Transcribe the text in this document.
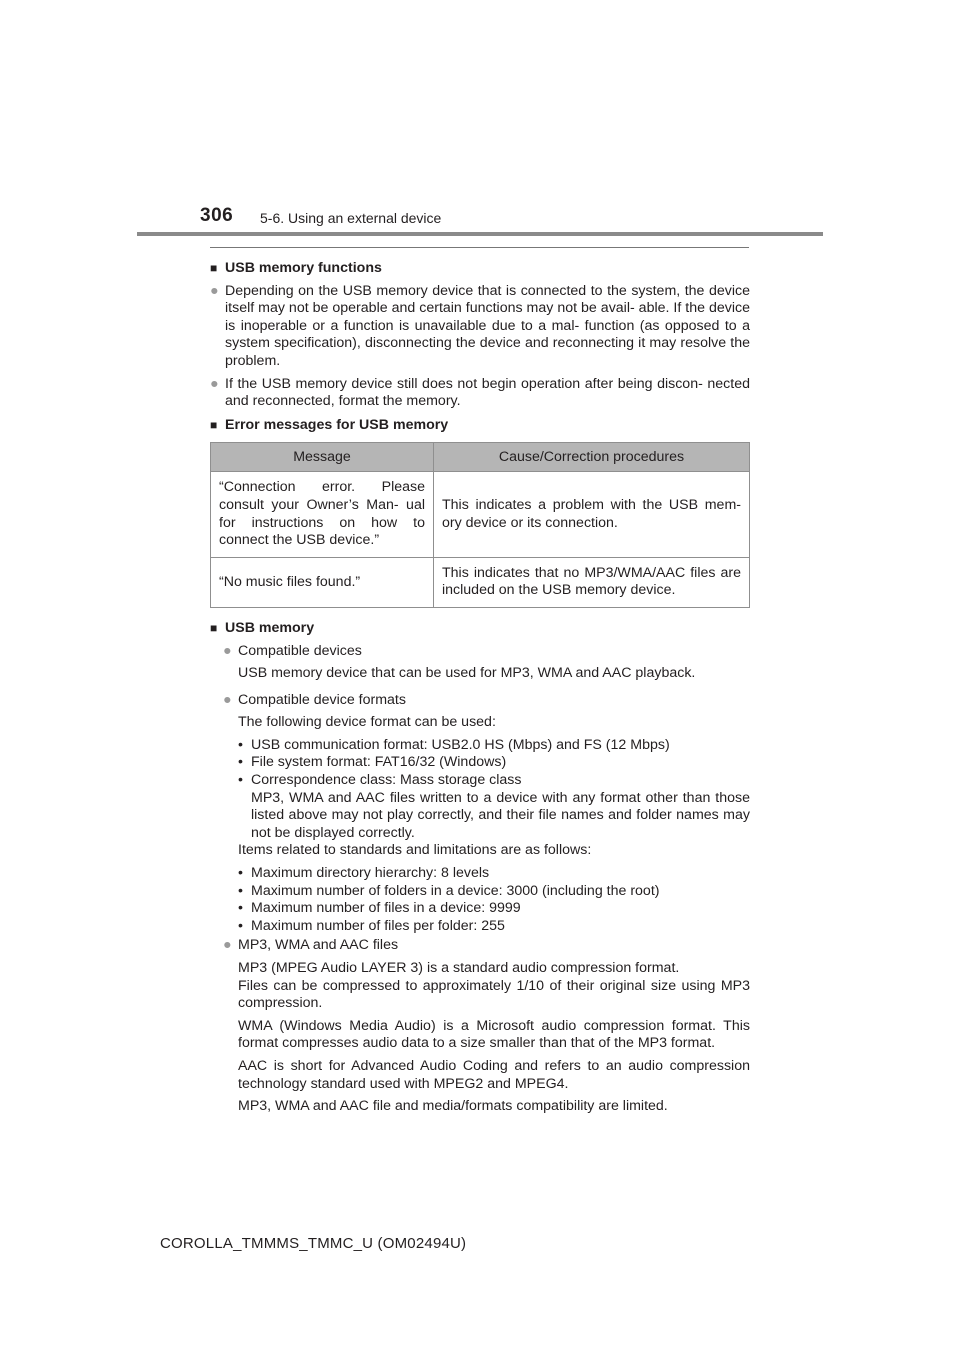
306 5-6. Using an external device
■ USB memory functions
● Depending on the USB memory device that is connected to the system, the device itself may not be operable and certain functions may not be avail- able. If the device is inoperable or a function is unavailable due to a mal- function (as opposed to a system specification), disconnecting the device and reconnecting it may resolve the problem.
● If the USB memory device still does not begin operation after being discon- nected and reconnected, format the memory.
■ Error messages for USB memory
Message	Cause/Correction procedures
“Connection error. Please consult your Owner’s Man- ual for instructions on how to connect the USB device.”	This indicates a problem with the USB mem- ory device or its connection.
“No music files found.”	This indicates that no MP3/WMA/AAC files are included on the USB memory device.
■ USB memory
● Compatible devices
USB memory device that can be used for MP3, WMA and AAC playback.
● Compatible device formats
The following device format can be used:
• USB communication format: USB2.0 HS (Mbps) and FS (12 Mbps)
• File system format: FAT16/32 (Windows)
• Correspondence class: Mass storage class
MP3, WMA and AAC files written to a device with any format other than those listed above may not play correctly, and their file names and folder names may not be displayed correctly.
Items related to standards and limitations are as follows:
• Maximum directory hierarchy: 8 levels
• Maximum number of folders in a device: 3000 (including the root)
• Maximum number of files in a device: 9999
• Maximum number of files per folder: 255
● MP3, WMA and AAC files
MP3 (MPEG Audio LAYER 3) is a standard audio compression format.
Files can be compressed to approximately 1/10 of their original size using MP3 compression.
WMA (Windows Media Audio) is a Microsoft audio compression format. This format compresses audio data to a size smaller than that of the MP3 format.
AAC is short for Advanced Audio Coding and refers to an audio compression technology standard used with MPEG2 and MPEG4.
MP3, WMA and AAC file and media/formats compatibility are limited.
COROLLA_TMMMS_TMMC_U (OM02494U)
